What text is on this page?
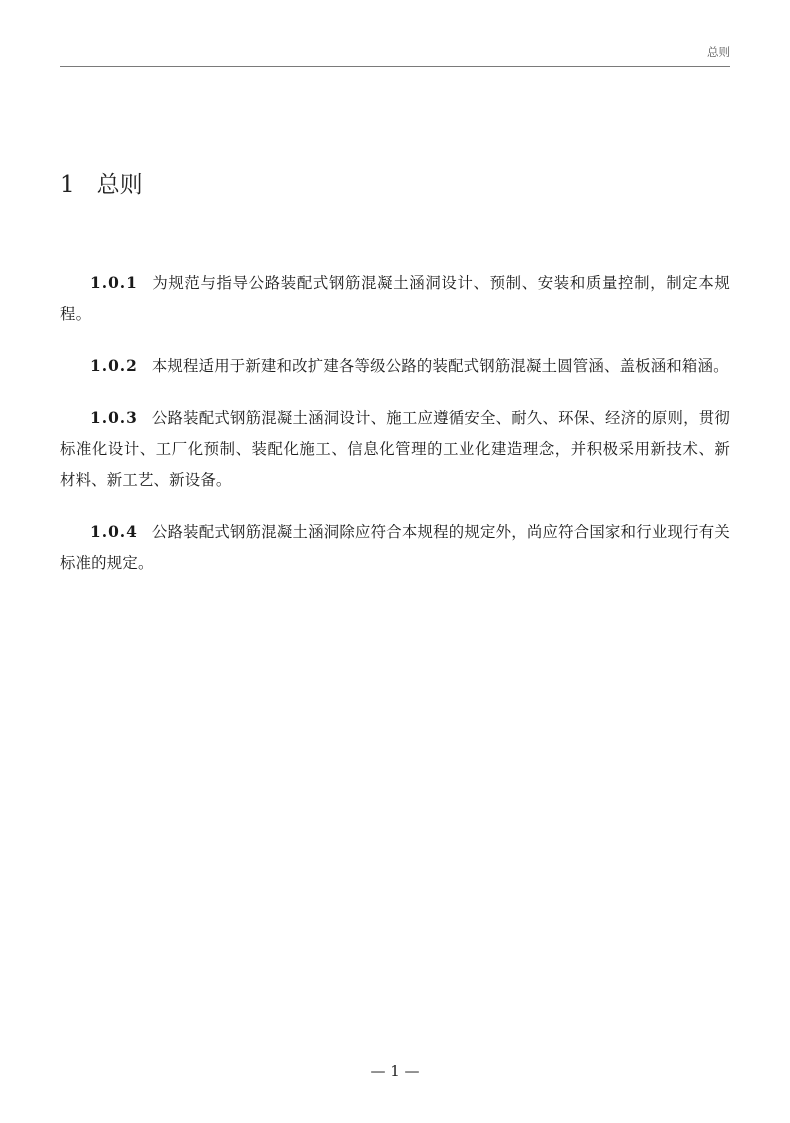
总则
1 总则

1.0.1 为规范与指导公路装配式钢筋混凝土涵洞设计、预制、安装和质量控制，制定本规程。

1.0.2 本规程适用于新建和改扩建各等级公路的装配式钢筋混凝土圆管涵、盖板涵和箱涵。

1.0.3 公路装配式钢筋混凝土涵洞设计、施工应遵循安全、耐久、环保、经济的原则，贯彻标准化设计、工厂化预制、装配化施工、信息化管理的工业化建造理念，并积极采用新技术、新材料、新工艺、新设备。

1.0.4 公路装配式钢筋混凝土涵洞除应符合本规程的规定外，尚应符合国家和行业现行有关标准的规定。

— 1 —
